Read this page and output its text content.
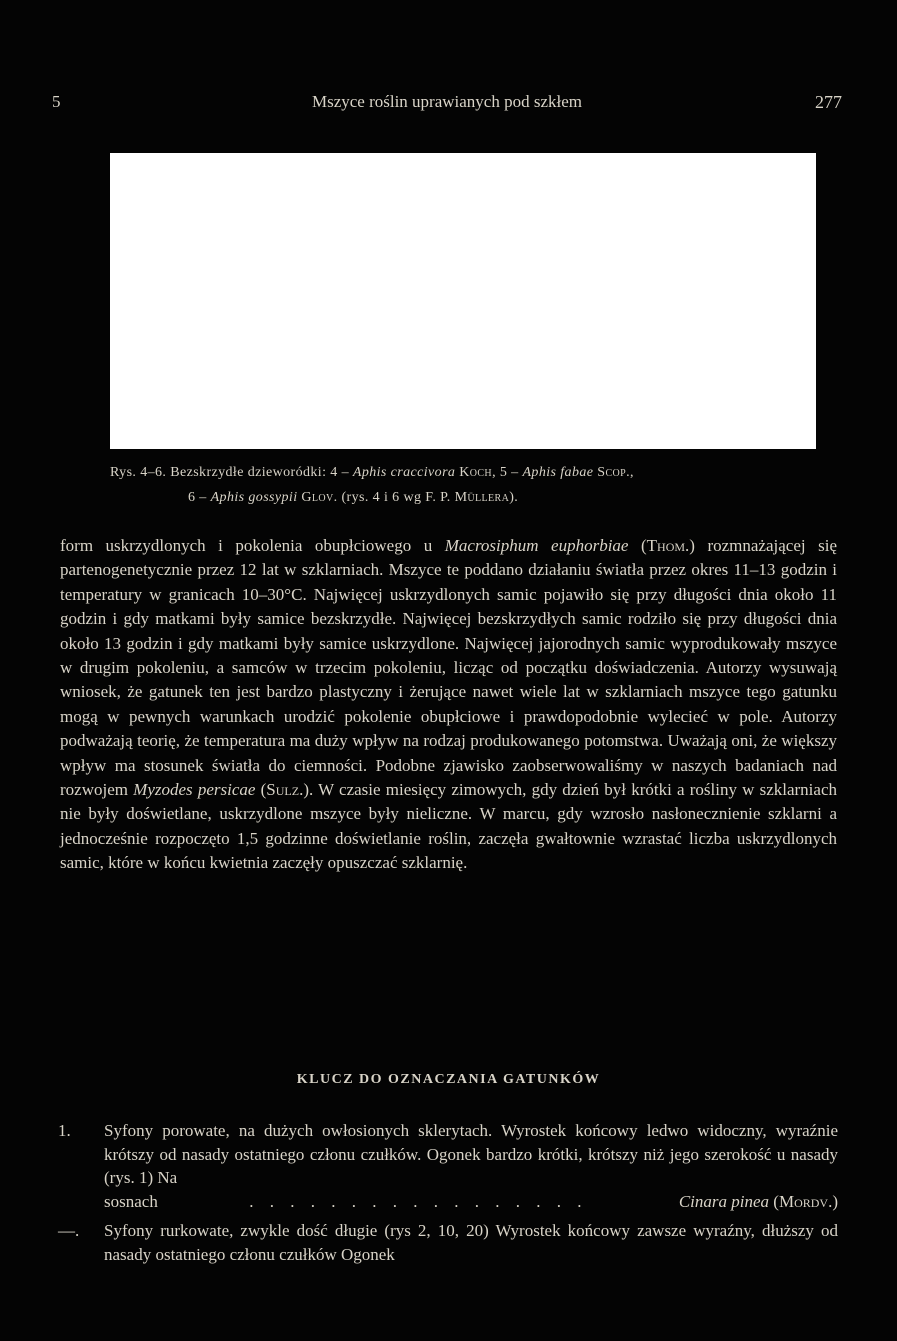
5	Mszyce roślin uprawianych pod szkłem	277
Rys. 4–6. Bezskrzydłe dzieworódki: 4 – Aphis craccivora Koch, 5 – Aphis fabae Scop.,
6 – Aphis gossypii Glov. (rys. 4 i 6 wg F. P. Müllera).

form uskrzydlonych i pokolenia obupłciowego u Macrosiphum euphorbiae (Thom.) rozmnażającej się partenogenetycznie przez 12 lat w szklarniach. Mszyce te poddano działaniu światła przez okres 11–13 godzin i temperatury w granicach 10–30°C. Najwięcej uskrzydlonych samic pojawiło się przy długości dnia około 11 godzin i gdy matkami były samice bezskrzydłe. Najwięcej bezskrzydłych samic rodziło się przy długości dnia około 13 godzin i gdy matkami były samice uskrzydlone. Najwięcej jajorodnych samic wyprodukowały mszyce w drugim pokoleniu, a samców w trzecim pokoleniu, licząc od początku doświadczenia. Autorzy wysuwają wniosek, że gatunek ten jest bardzo plastyczny i żerujące nawet wiele lat w szklarniach mszyce tego gatunku mogą w pewnych warunkach urodzić pokolenie obupłciowe i prawdopodobnie wylecieć w pole. Autorzy podważają teorię, że temperatura ma duży wpływ na rodzaj produkowanego potomstwa. Uważają oni, że większy wpływ ma stosunek światła do ciemności. Podobne zjawisko zaobserwowaliśmy w naszych badaniach nad rozwojem Myzodes persicae (Sulz.). W czasie miesięcy zimowych, gdy dzień był krótki a rośliny w szklarniach nie były doświetlane, uskrzydlone mszyce były nieliczne. W marcu, gdy wzrosło nasłonecznienie szklarni a jednocześnie rozpoczęto 1,5 godzinne doświetlanie roślin, zaczęła gwałtownie wzrastać liczba uskrzydlonych samic, które w końcu kwietnia zaczęły opuszczać szklarnię.

KLUCZ DO OZNACZANIA GATUNKÓW
1. Syfony porowate, na dużych owłosionych sklerytach. Wyrostek końcowy ledwo widoczny, wyraźnie krótszy od nasady ostatniego członu czułków. Ogonek bardzo krótki, krótszy niż jego szerokość u nasady (rys. 1) Na
sosnach	. . . . . . . . . . . . . . . . .	Cinara pinea (Mordv.)
—. Syfony rurkowate, zwykle dość długie (rys 2, 10, 20) Wyrostek końcowy zawsze wyraźny, dłuższy od nasady ostatniego członu czułków Ogonek
